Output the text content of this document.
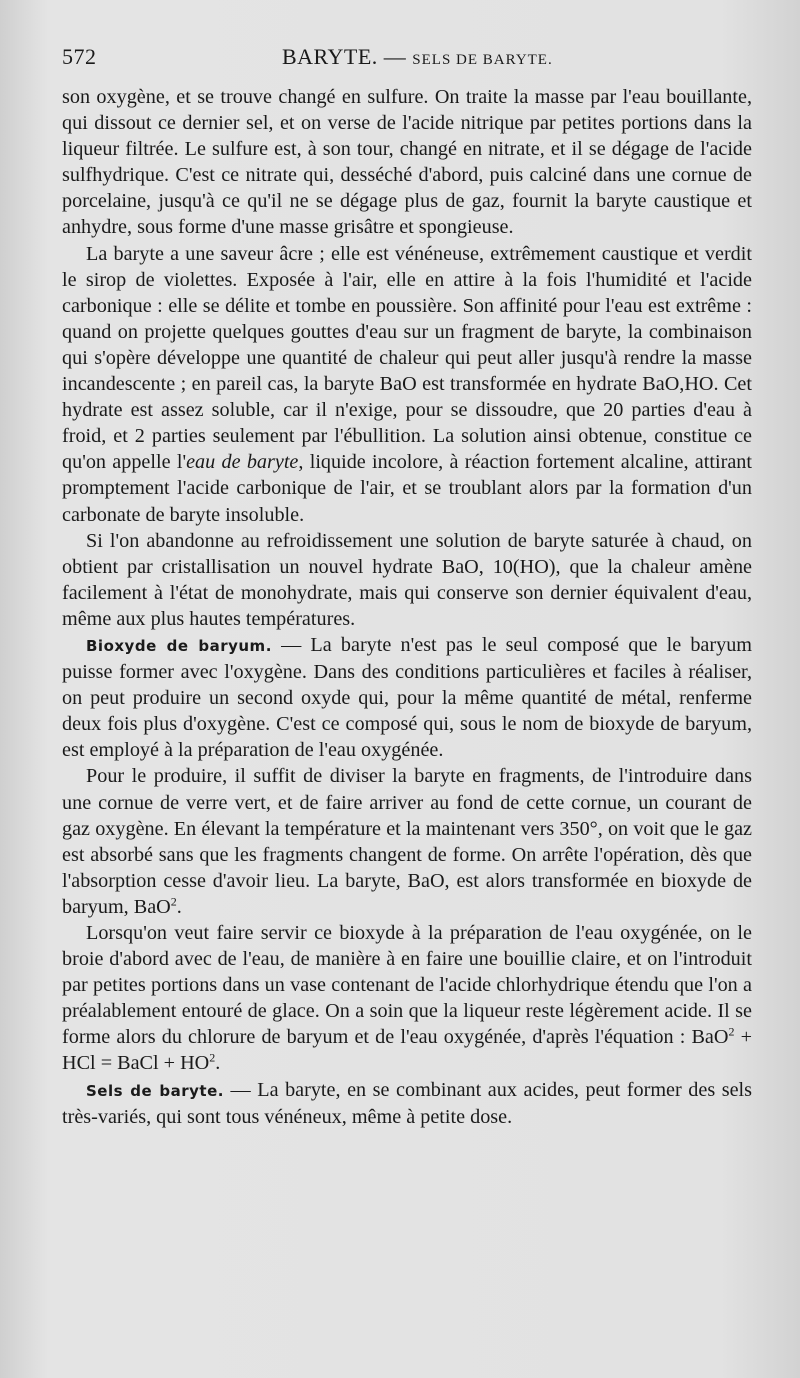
572	BARYTE. — SELS DE BARYTE.

son oxygène, et se trouve changé en sulfure. On traite la masse par l'eau bouillante, qui dissout ce dernier sel, et on verse de l'acide nitrique par petites portions dans la liqueur filtrée. Le sulfure est, à son tour, changé en nitrate, et il se dégage de l'acide sulfhydrique. C'est ce nitrate qui, desséché d'abord, puis calciné dans une cornue de porcelaine, jusqu'à ce qu'il ne se dégage plus de gaz, fournit la baryte caustique et anhydre, sous forme d'une masse grisâtre et spongieuse.

La baryte a une saveur âcre ; elle est vénéneuse, extrêmement caustique et verdit le sirop de violettes. Exposée à l'air, elle en attire à la fois l'humidité et l'acide carbonique : elle se délite et tombe en poussière. Son affinité pour l'eau est extrême : quand on projette quelques gouttes d'eau sur un fragment de baryte, la combinaison qui s'opère développe une quantité de chaleur qui peut aller jusqu'à rendre la masse incandescente ; en pareil cas, la baryte BaO est transformée en hydrate BaO,HO. Cet hydrate est assez soluble, car il n'exige, pour se dissoudre, que 20 parties d'eau à froid, et 2 parties seulement par l'ébullition. La solution ainsi obtenue, constitue ce qu'on appelle l'eau de baryte, liquide incolore, à réaction fortement alcaline, attirant promptement l'acide carbonique de l'air, et se troublant alors par la formation d'un carbonate de baryte insoluble.

Si l'on abandonne au refroidissement une solution de baryte saturée à chaud, on obtient par cristallisation un nouvel hydrate BaO, 10(HO), que la chaleur amène facilement à l'état de monohydrate, mais qui conserve son dernier équivalent d'eau, même aux plus hautes températures.

Bioxyde de baryum. — La baryte n'est pas le seul composé que le baryum puisse former avec l'oxygène. Dans des conditions particulières et faciles à réaliser, on peut produire un second oxyde qui, pour la même quantité de métal, renferme deux fois plus d'oxygène. C'est ce composé qui, sous le nom de bioxyde de baryum, est employé à la préparation de l'eau oxygénée.

Pour le produire, il suffit de diviser la baryte en fragments, de l'introduire dans une cornue de verre vert, et de faire arriver au fond de cette cornue, un courant de gaz oxygène. En élevant la température et la maintenant vers 350°, on voit que le gaz est absorbé sans que les fragments changent de forme. On arrête l'opération, dès que l'absorption cesse d'avoir lieu. La baryte, BaO, est alors transformée en bioxyde de baryum, BaO$^2$.

Lorsqu'on veut faire servir ce bioxyde à la préparation de l'eau oxygénée, on le broie d'abord avec de l'eau, de manière à en faire une bouillie claire, et on l'introduit par petites portions dans un vase contenant de l'acide chlorhydrique étendu que l'on a préalablement entouré de glace. On a soin que la liqueur reste légèrement acide. Il se forme alors du chlorure de baryum et de l'eau oxygénée, d'après l'équation : BaO$^2$ + HCl = BaCl + $HO^2$.

Sels de baryte. — La baryte, en se combinant aux acides, peut former des sels très-variés, qui sont tous vénéneux, même à petite dose.
